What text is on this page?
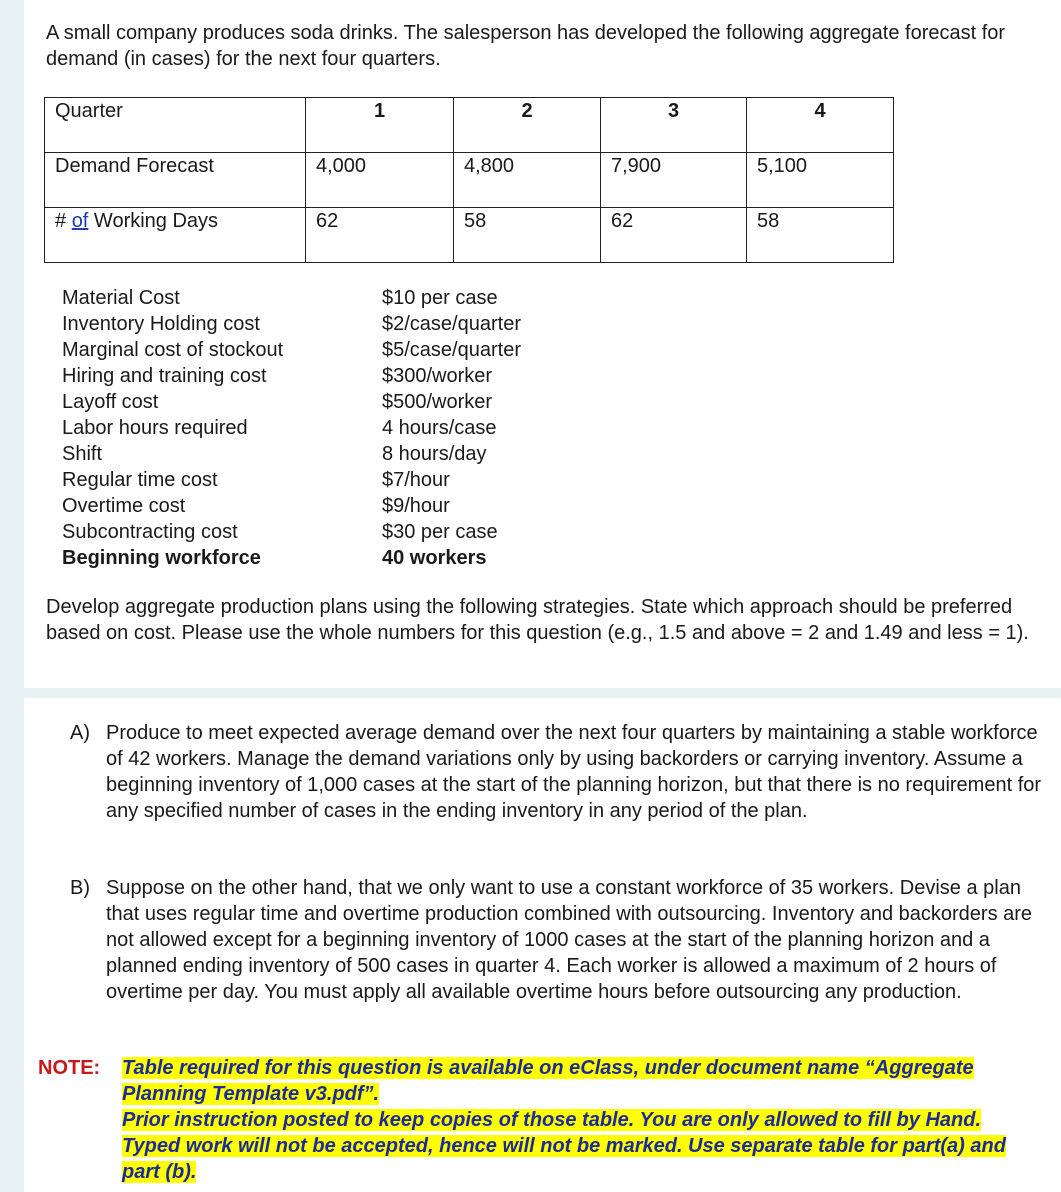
A small company produces soda drinks. The salesperson has developed the following aggregate forecast for demand (in cases) for the next four quarters.
Quarter	1	2	3	4
Demand Forecast	4,000	4,800	7,900	5,100
# of Working Days	62	58	62	58
Material Cost	$10 per case
Inventory Holding cost	$2/case/quarter
Marginal cost of stockout	$5/case/quarter
Hiring and training cost	$300/worker
Layoff cost	$500/worker
Labor hours required	4 hours/case
Shift	8 hours/day
Regular time cost	$7/hour
Overtime cost	$9/hour
Subcontracting cost	$30 per case
Beginning workforce	40 workers
Develop aggregate production plans using the following strategies. State which approach should be preferred based on cost. Please use the whole numbers for this question (e.g., 1.5 and above = 2 and 1.49 and less = 1).
A) Produce to meet expected average demand over the next four quarters by maintaining a stable workforce of 42 workers. Manage the demand variations only by using backorders or carrying inventory. Assume a beginning inventory of 1,000 cases at the start of the planning horizon, but that there is no requirement for any specified number of cases in the ending inventory in any period of the plan.
B) Suppose on the other hand, that we only want to use a constant workforce of 35 workers. Devise a plan that uses regular time and overtime production combined with outsourcing. Inventory and backorders are not allowed except for a beginning inventory of 1000 cases at the start of the planning horizon and a planned ending inventory of 500 cases in quarter 4. Each worker is allowed a maximum of 2 hours of overtime per day. You must apply all available overtime hours before outsourcing any production.
NOTE:	Table required for this question is available on eClass, under document name “Aggregate Planning Template v3.pdf”.
Prior instruction posted to keep copies of those table. You are only allowed to fill by Hand. Typed work will not be accepted, hence will not be marked. Use separate table for part(a) and part (b).
